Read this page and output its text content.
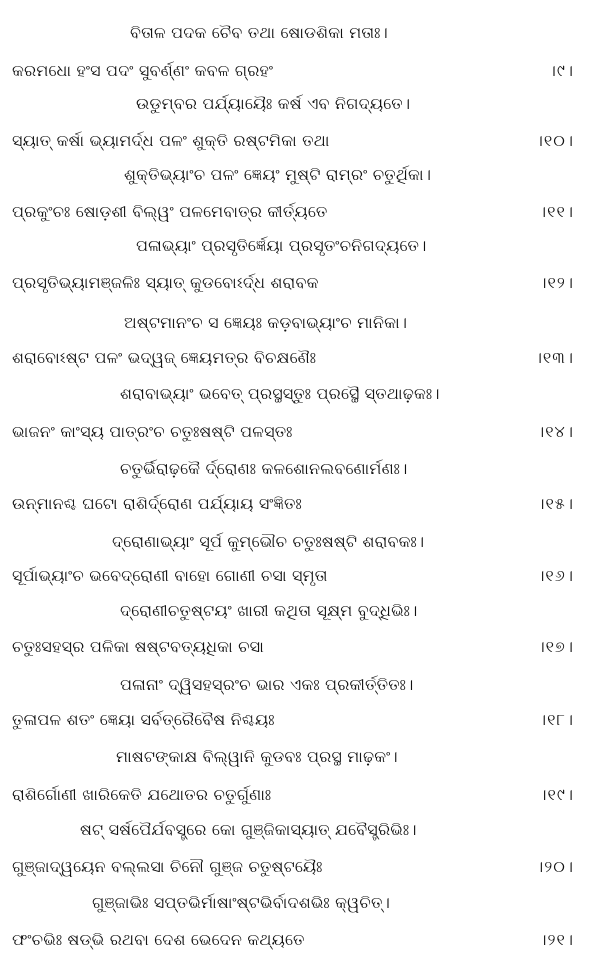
ବିତାଳ ପଦକ ଚୈବ ତଥା ଷୋଡଶିକା ମତାଃ।
କରମଧୋ ହଂସ ପଦଂ ସୁବର୍ଣ୍ଣଂ କବଳ ଗ୍ରହଂ	।୯।
ଉଡୁମ୍ବର ପର୍ଯ୍ୟାୟୈଃ କର୍ଷ ଏବ ନିଗଦ୍ୟତେ।
ସ୍ୟାତ୍ କର୍ଷା ଭ୍ୟାମର୍ଦ୍ଧ ପଳଂ ଶୁକ୍ତି ରଷ୍ଟମିକା ତଥା	।୧୦।
ଶୁକ୍ତିଭ୍ୟାଂଚ ପଳଂ ଜ୍ଞେୟଂ ମୁଷ୍ଟି ରାମ୍ରଂ ଚତୁର୍ଥିକା।
ପ୍ରକୁଂଚଃ ଷୋଡ଼ଶୀ ବିଲ୍ୱଂ ପଳମେବାତ୍ର କୀର୍ତ୍ୟତେ	।୧୧।
ପଳାଭ୍ୟାଂ ପ୍ରସୃତିର୍ଜ୍ଞେୟା ପ୍ରସୃତଂଚନିଗଦ୍ୟତେ।
ପ୍ରସୃତିଭ୍ୟାମଞ୍ଜଳିଃ ସ୍ୟାତ୍ କୁଡବୋଽର୍ଦ୍ଧ ଶରାବକ	।୧୨।
ଅଷ୍ଟମାନଂଚ ସ ଜ୍ଞେୟଃ କଡ଼ବାଭ୍ୟାଂଚ ମାନିକା।
ଶରାବୋଽଷ୍ଟ ପଳଂ ଭଦ୍ୱଜ୍ ଜ୍ଞେୟମତ୍ର ବିଚକ୍ଷଣୈଃ	।୧୩।
ଶରାବାଭ୍ୟାଂ ଭବେତ୍ ପ୍ରସ୍ଥସ୍ତୁଃ ପ୍ରସ୍ଥୈ ସ୍ତଥାଢ଼କଃ।
ଭାଜନଂ କାଂସ୍ୟ ପାତ୍ରଂଚ ଚତୁଃଷଷ୍ଟି ପଳସ୍ତଃ	।୧୪।
ଚତୁର୍ଭିରାଢ଼କୈ ର୍ଦ୍ରୋଣଃ କଳଶୋନଲବଣୋର୍ମଣଃ।
ଉନ୍ମାନଶ୍ଚ ଘଟୋ ରାଶିର୍ଦ୍ରୋଣ ପର୍ଯ୍ୟାୟ ସଂଜ୍ଞିତଃ	।୧୫।
ଦ୍ରୋଣାଭ୍ୟାଂ ସୂର୍ପ କୁମ୍ଭୌଚ ଚତୁଃଷଷ୍ଟି ଶରାବକଃ।
ସୂର୍ପାଭ୍ୟାଂଚ ଭବେଦ୍ରୋଣୀ ବାହୋ ଗୋଣୀ ଚସା ସ୍ମୃତା	।୧୬।
ଦ୍ରୋଣୀଚତୁଷ୍ଟୟଂ ଖାରୀ କଥିତା ସୂକ୍ଷ୍ମ ବୁଦ୍ଧିଭିଃ।
ଚତୁଃସହସ୍ର ପଳିକା ଷଷ୍ଟବତ୍ୟଧିକା ଚସା	।୧୭।
ପଳାନାଂ ଦ୍ୱିସହସ୍ରଂଚ ଭାର ଏକଃ ପ୍ରକୀର୍ତ୍ତିତଃ।
ତୁଳାପଳ ଶତଂ ଜ୍ଞେୟା ସର୍ବତ୍ରୈବୈଷ ନିଶ୍ଚୟଃ	।୧୮।
ମାଷଟଙ୍କାକ୍ଷ ବିଲ୍ୱାନି କୁଡବଃ ପ୍ରସ୍ଥ ମାଢ଼କଂ।
ରାଶିର୍ଗୋଣୀ ଖାରିକେତି ଯଥୋତର ଚତୁର୍ଗୁଣାଃ	।୧୯।
ଷଟ୍ ସର୍ଷପୈର୍ଯବସ୍ତ୍ରେ କୋ ଗୁଞ୍ଜିକାସ୍ୟାତ୍ ଯବୈସ୍ତ୍ରିଭିଃ।
ଗୁଞ୍ଜାଦ୍ୱୟେନ ବଲ୍ଲସା ଚିନୌ ଗୁଞ୍ଜ ଚତୁଷ୍ଟୟୈଃ	।୨୦।
ଗୁଞ୍ଜାଭିଃ ସପ୍ତଭିର୍ମାଷାଂଷ୍ଟଭିର୍ବାଦଶଭିଃ କ୍ୱଚିତ୍।
ଫଂଚଭିଃ ଷଡ୍ଭି ରଥବା ଦେଶ ଭେଦେନ କଥ୍ୟତେ	।୨୧।
